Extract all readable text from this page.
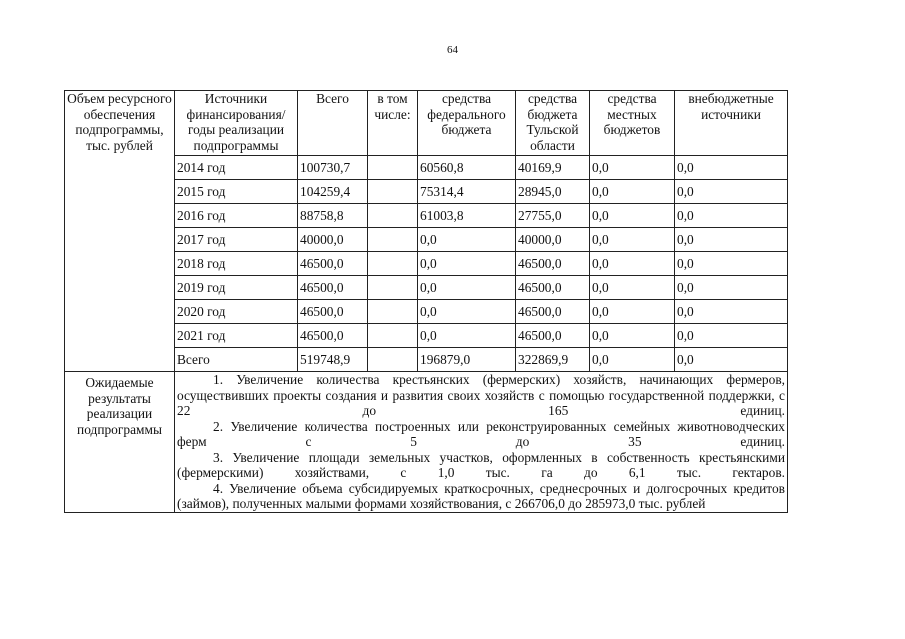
64
Объем ресурсного обеспечения подпрограммы, тыс. рублей	Источники финансирования/ годы реализации подпрограммы	Всего	в том числе:	средства федерального бюджета	средства бюджета Тульской области	средства местных бюджетов	внебюджетные источники
	2014 год	100730,7		60560,8	40169,9	0,0	0,0
	2015 год	104259,4		75314,4	28945,0	0,0	0,0
	2016 год	88758,8		61003,8	27755,0	0,0	0,0
	2017 год	40000,0		0,0	40000,0	0,0	0,0
	2018 год	46500,0		0,0	46500,0	0,0	0,0
	2019 год	46500,0		0,0	46500,0	0,0	0,0
	2020 год	46500,0		0,0	46500,0	0,0	0,0
	2021 год	46500,0		0,0	46500,0	0,0	0,0
	Всего	519748,9		196879,0	322869,9	0,0	0,0
Ожидаемые результаты реализации подпрограммы	1. Увеличение количества крестьянских (фермерских) хозяйств, начинающих фермеров, осуществивших проекты создания и развития своих хозяйств с помощью государственной поддержки, с 22 до 165 единиц.

2. Увеличение количества построенных или реконструированных семейных животноводческих ферм с 5 до 35 единиц.

3. Увеличение площади земельных участков, оформленных в собственность крестьянскими (фермерскими) хозяйствами, с 1,0 тыс. га до 6,1 тыс. гектаров.

4. Увеличение объема субсидируемых краткосрочных, среднесрочных и долгосрочных кредитов (займов), полученных малыми формами хозяйствования, с 266706,0 до 285973,0 тыс. рублей						
